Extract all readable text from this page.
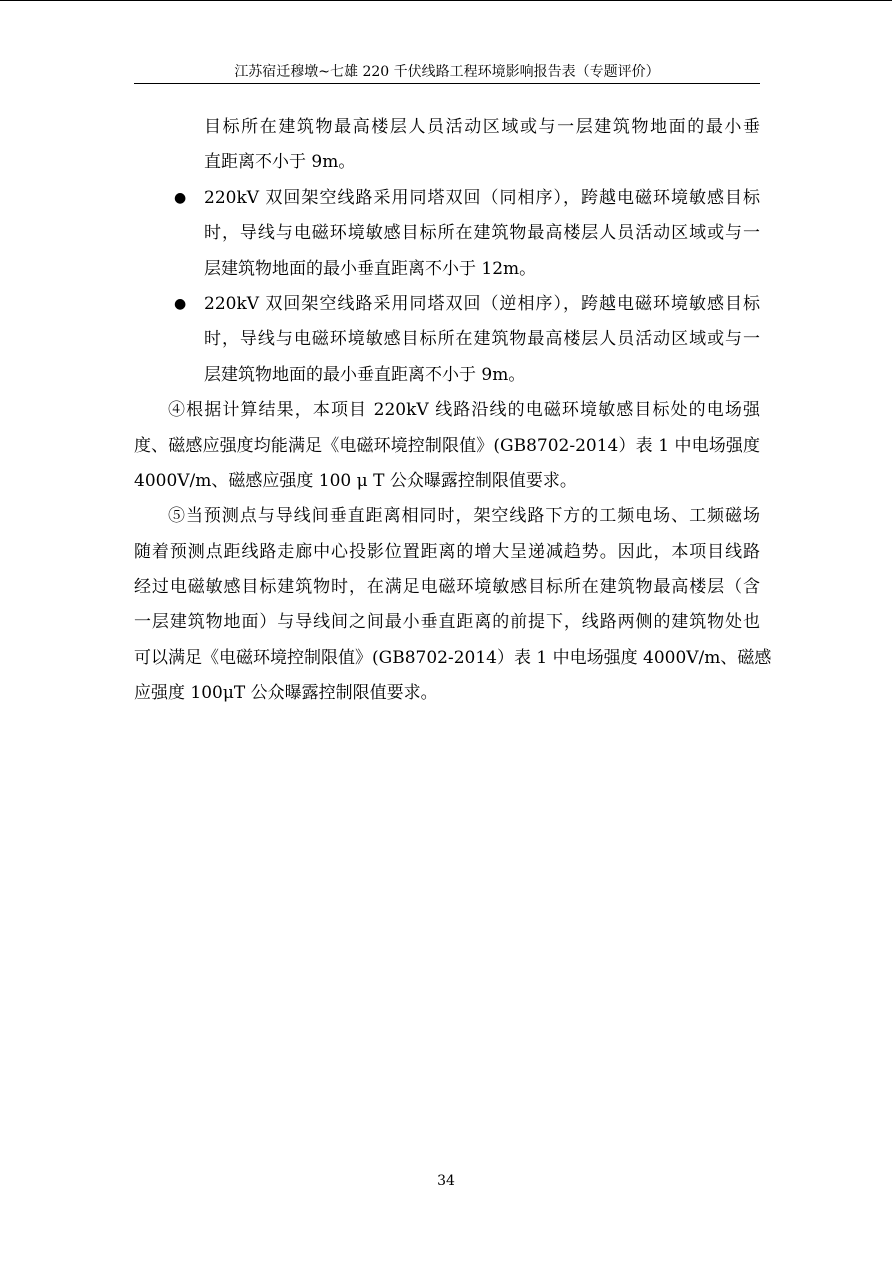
江苏宿迁穆墩~七雄 220 千伏线路工程环境影响报告表（专题评价）
目标所在建筑物最高楼层人员活动区域或与一层建筑物地面的最小垂
直距离不小于 9m。
● 220kV 双回架空线路采用同塔双回（同相序），跨越电磁环境敏感目标
时，导线与电磁环境敏感目标所在建筑物最高楼层人员活动区域或与一
层建筑物地面的最小垂直距离不小于 12m。
● 220kV 双回架空线路采用同塔双回（逆相序），跨越电磁环境敏感目标
时，导线与电磁环境敏感目标所在建筑物最高楼层人员活动区域或与一
层建筑物地面的最小垂直距离不小于 9m。
④根据计算结果，本项目 220kV 线路沿线的电磁环境敏感目标处的电场强
度、磁感应强度均能满足《电磁环境控制限值》(GB8702-2014）表 1 中电场强度
4000V/m、磁感应强度 100 μ T 公众曝露控制限值要求。
⑤当预测点与导线间垂直距离相同时，架空线路下方的工频电场、工频磁场
随着预测点距线路走廊中心投影位置距离的增大呈递减趋势。因此，本项目线路
经过电磁敏感目标建筑物时，在满足电磁环境敏感目标所在建筑物最高楼层（含
一层建筑物地面）与导线间之间最小垂直距离的前提下，线路两侧的建筑物处也
可以满足《电磁环境控制限值》(GB8702-2014）表 1 中电场强度 4000V/m、磁感
应强度 100μT 公众曝露控制限值要求。
34
